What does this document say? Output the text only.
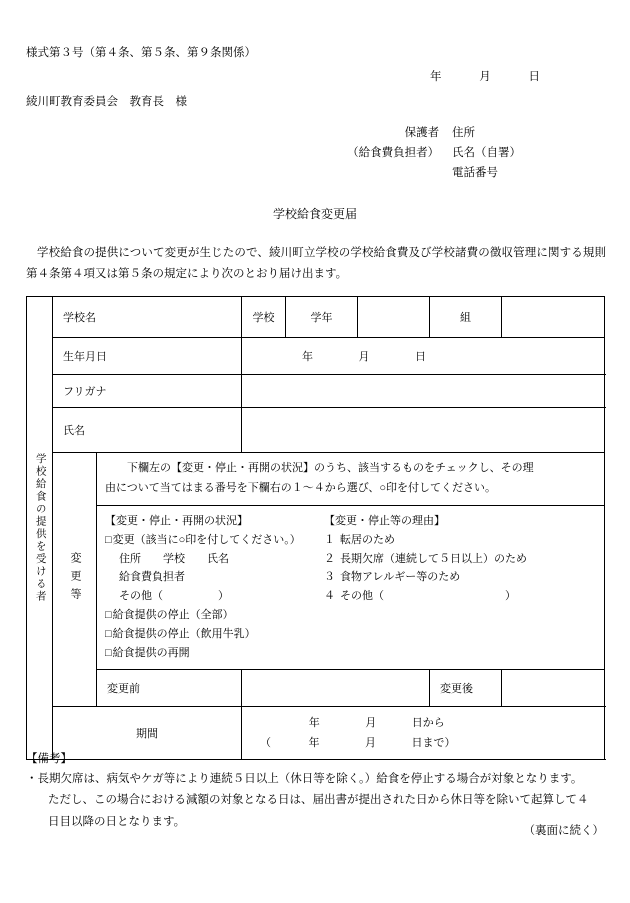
様式第３号（第４条、第５条、第９条関係）
年	月	日
綾川町教育委員会　教育長　様
保護者 住所
（給食費負担者） 氏名（自署）
電話番号
学校給食変更届
学校給食の提供について変更が生じたので、綾川町立学校の学校給食費及び学校諸費の徴収管理に関する規則第４条第４項又は第５条の規定により次のとおり届け出ます。
学校給食の提供を受ける者	学校名		学校	学年		組	
	生年月日		年 月 日				
	フリガナ						
	氏名						

	変更等	下欄左の【変更・停止・再開の状況】のうち、該当するものをチェックし、その理
由について当てはまる番号を下欄右の１〜４から選び、○印を付してください。					

【変更・停止・再開の状況】
□ 変更（該当に○印を付してください。）
住所　　学校　　氏名
給食費負担者
その他（　　　　　）
□ 給食提供の停止（全部）
□ 給食提供の停止（飲用牛乳）
□ 給食提供の再開
【変更・停止等の理由】
１ 転居のため
２ 長期欠席（連続して５日以上）のため
３ 食物アレルギー等のため
４ その他（　　　　　　　　　　　）

		変更前				変更後	
	期間		年 月 日から
（ 年 月 日まで）				
【備考】
・長期欠席は、病気やケガ等により連続５日以上（休日等を除く。）給食を停止する場合が対象となります。
ただし、この場合における減額の対象となる日は、届出書が提出された日から休日等を除いて起算して４
日目以降の日となります。
（裏面に続く）
